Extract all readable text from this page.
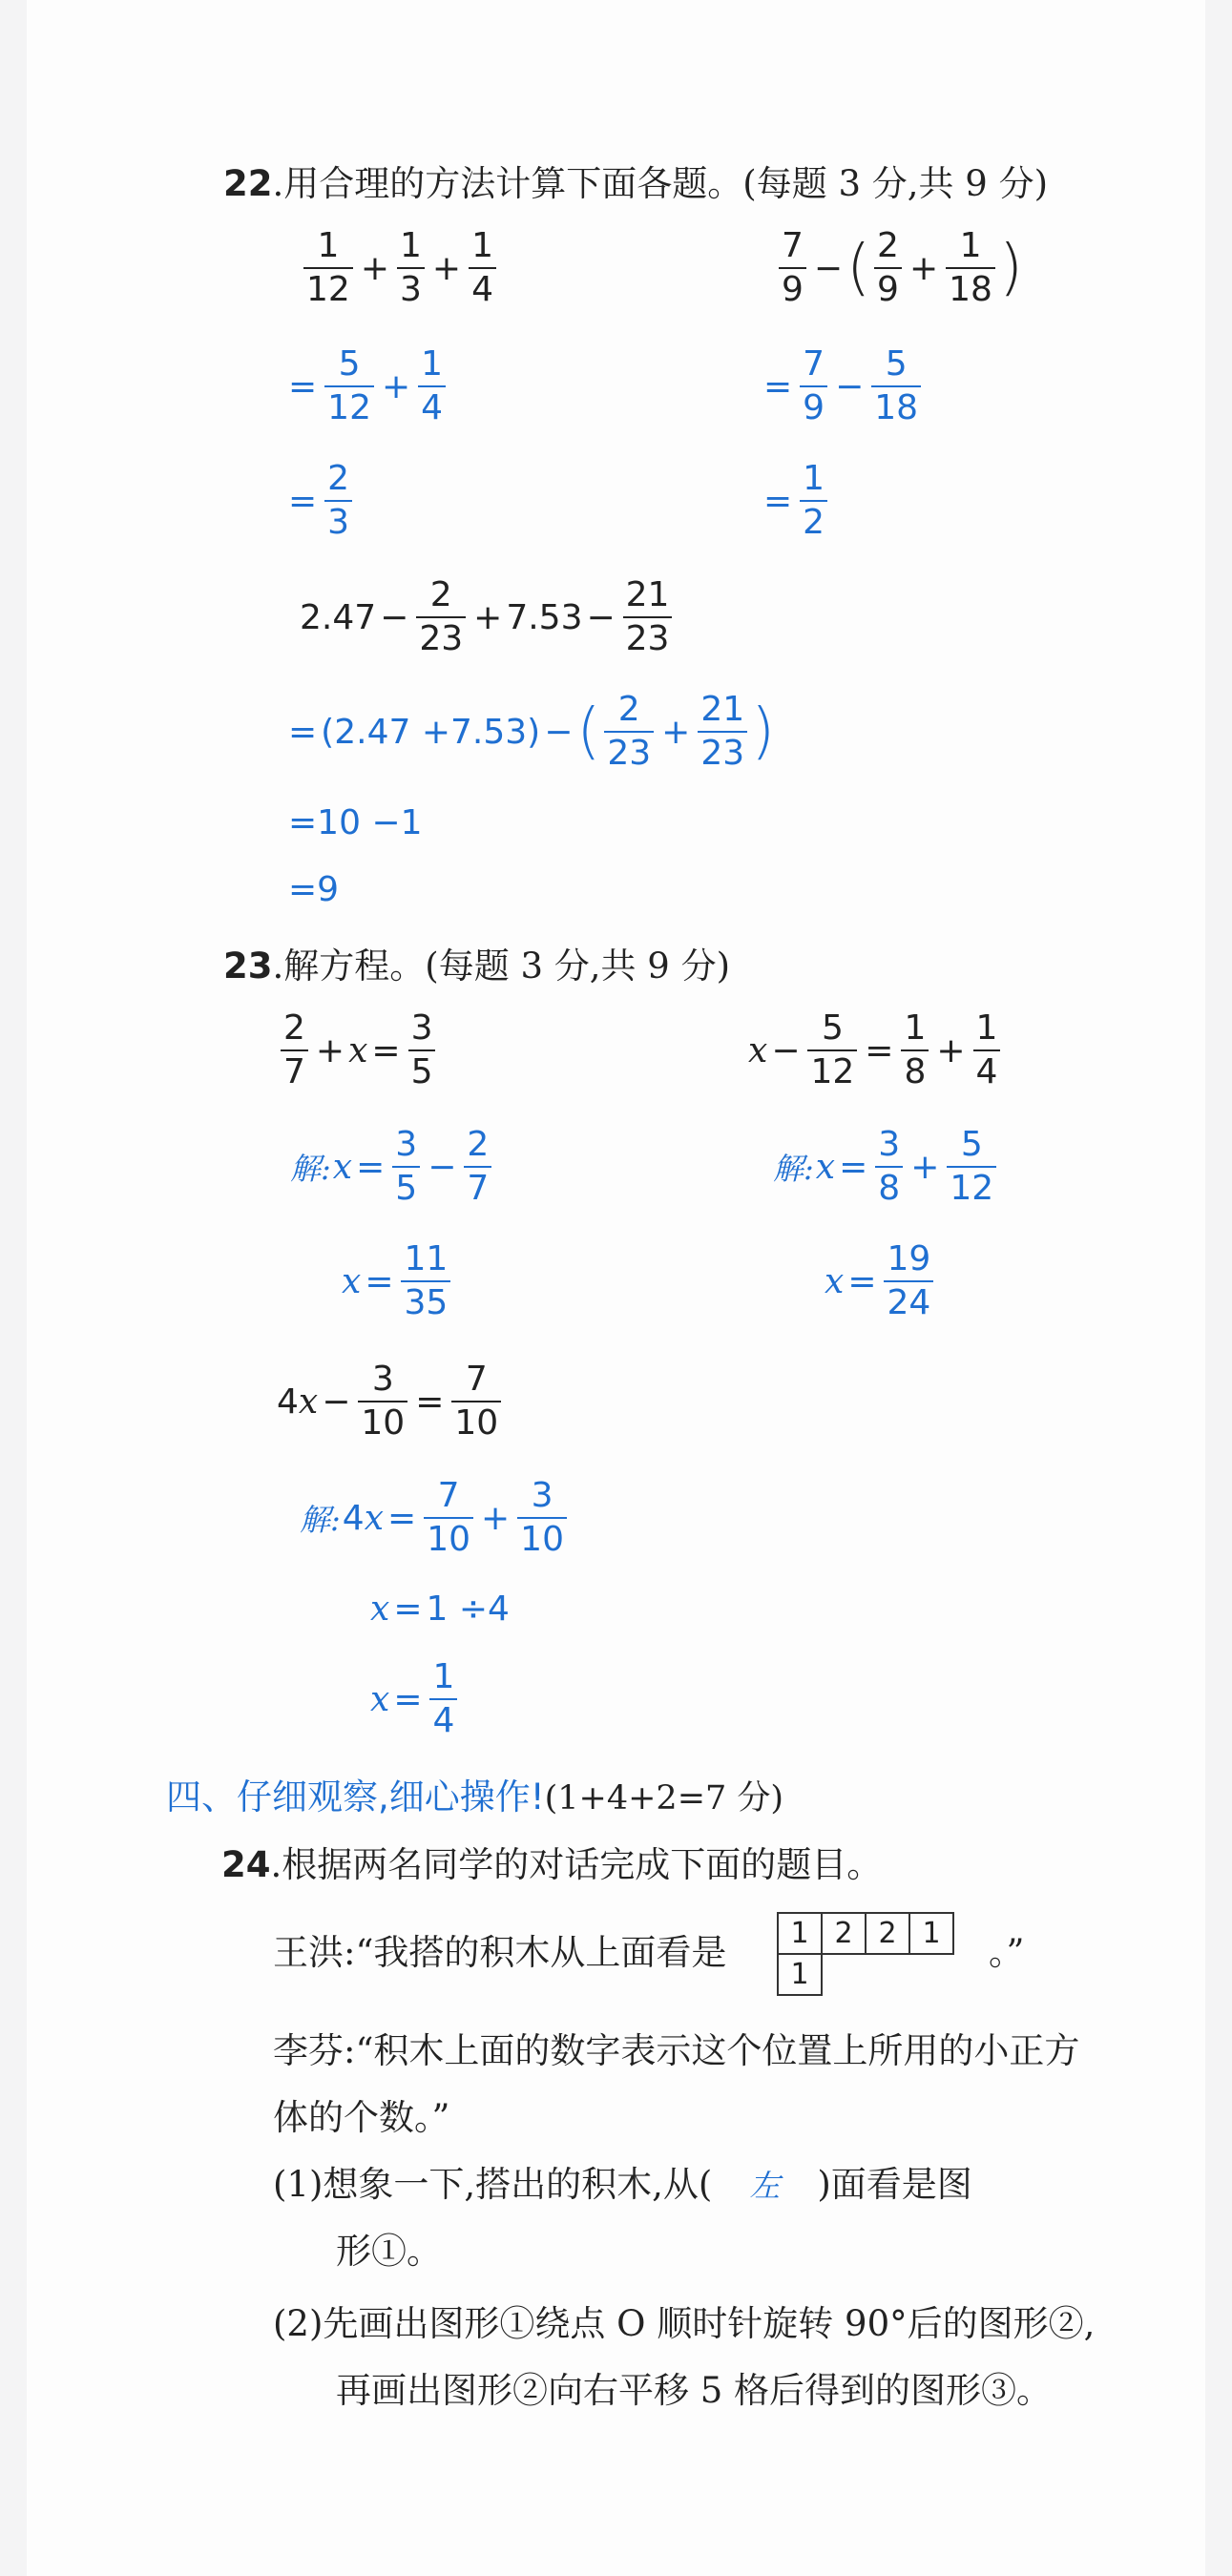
22.用合理的方法计算下面各题。(每题 3 分,共 9 分)
1
12
+ $\frac{1}{3} + \frac{1}{4}$
= $\frac{5}{12} + \frac{1}{4}$
= $\frac{2}{3}$
7
9
− ( 2
9
+ $\frac{1}{18}$ )
= $\frac{7}{9} - \frac{5}{18}$
= $\frac{1}{2}$
$2.47 - \frac{2}{23} + 7.53 - \frac{21}{23}$
= (2.47 +7.53) − ( 2
23
+ $\frac{21}{23}$ )
=10 −1
=9
23.解方程。(每题 3 分,共 9 分)
2
7
+ $x = \frac{3}{5}$
解: $x = \frac{3}{5} - \frac{2}{7}$
$x = \frac{11}{35}$
$x - \frac{5}{12} = \frac{1}{8} + \frac{1}{4}$
解: $x = \frac{3}{8} + \frac{5}{12}$
$x = \frac{19}{24}$
4 $x - \frac{3}{10} = \frac{7}{10}$
解: 4 $x = \frac{7}{10} + \frac{3}{10}$
x = 1 ÷4
$x = \frac{1}{4}$
四、仔细观察,细心操作!(1+4+2=7 分)
24.根据两名同学的对话完成下面的题目。
王洪:“我搭的积木从上面看是 1	2	2	1
1			
。”
李芬:“积木上面的数字表示这个位置上所用的小正方
体的个数。”
(1)想象一下,搭出的积木,从( 左 )面看是图
形①。
(2)先画出图形①绕点 O 顺时针旋转 90°后的图形②,
再画出图形②向右平移 5 格后得到的图形③。
